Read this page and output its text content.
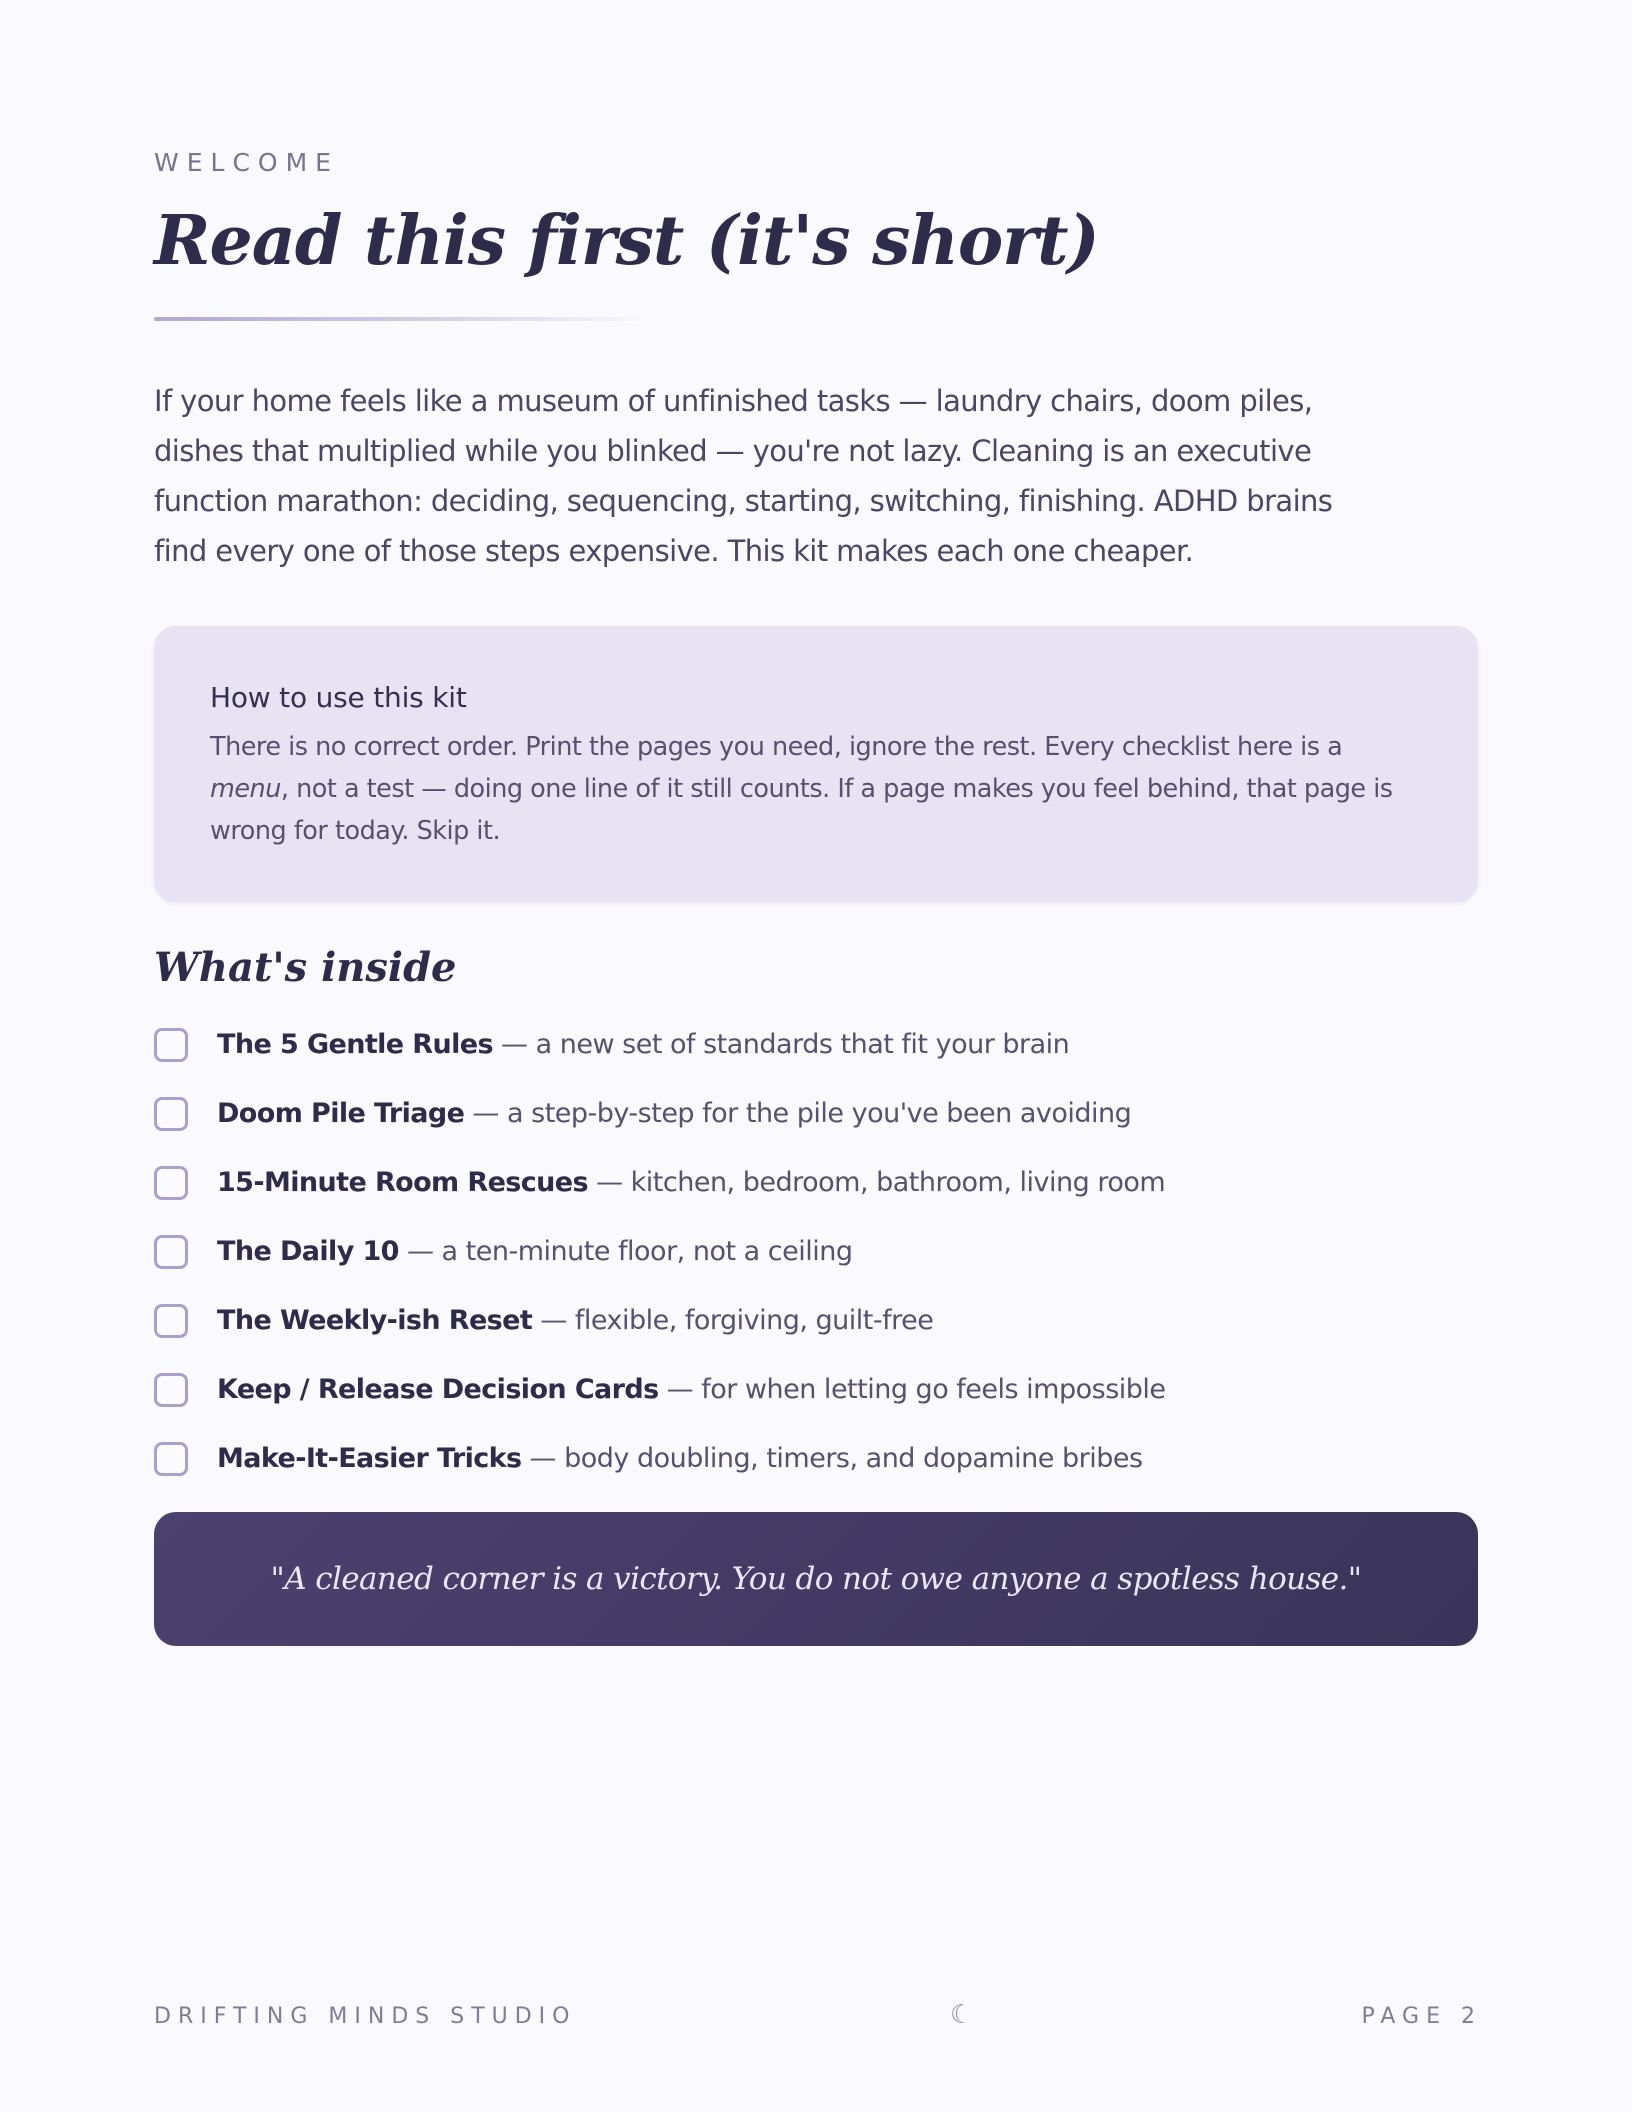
WELCOME
Read this first (it's short)

If your home feels like a museum of unfinished tasks — laundry chairs, doom piles, dishes that multiplied while you blinked — you're not lazy. Cleaning is an executive function marathon: deciding, sequencing, starting, switching, finishing. ADHD brains find every one of those steps expensive. This kit makes each one cheaper.

How to use this kit

There is no correct order. Print the pages you need, ignore the rest. Every checklist here is a menu, not a test — doing one line of it still counts. If a page makes you feel behind, that page is wrong for today. Skip it.

What's inside
The 5 Gentle Rules — a new set of standards that fit your brain
Doom Pile Triage — a step-by-step for the pile you've been avoiding
15-Minute Room Rescues — kitchen, bedroom, bathroom, living room
The Daily 10 — a ten-minute floor, not a ceiling
The Weekly-ish Reset — flexible, forgiving, guilt-free
Keep / Release Decision Cards — for when letting go feels impossible
Make-It-Easier Tricks — body doubling, timers, and dopamine bribes
"A cleaned corner is a victory. You do not owe anyone a spotless house."
DRIFTING MINDS STUDIO	☾	PAGE 2
